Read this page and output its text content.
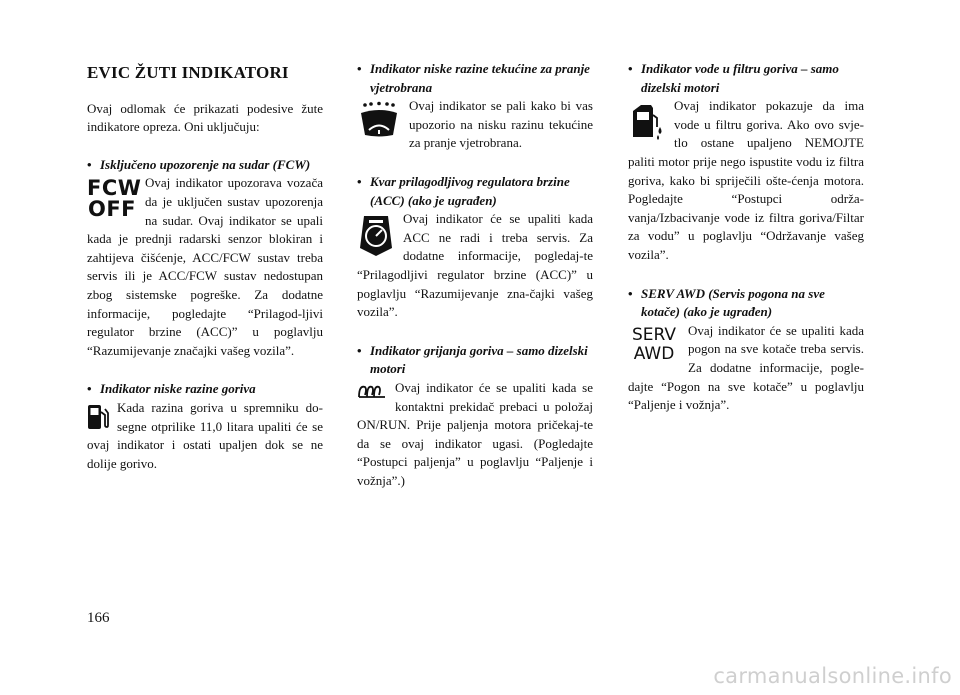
EVIC ŽUTI INDIKATORI
Ovaj odlomak će prikazati podesive žute indikatore opreza. Oni uključuju:
• Isključeno upozorenje na sudar (FCW)
FCW
OFF
Ovaj indikator upozorava vozača da je uključen sustav upozorenja na sudar. Ovaj indikator se upali kada je prednji radarski senzor blokiran i zahtijeva čišćenje, ACC/FCW sustav treba servis ili je ACC/FCW sustav nedostupan zbog sistemske pogreške. Za dodatne informacije, pogledajte “Prilagod-ljivi regulator brzine (ACC)” u poglavlju “Razumijevanje značajki vašeg vozila”.
• Indikator niske razine goriva
Kada razina goriva u spremniku do-segne otprilike 11,0 litara upaliti će se ovaj indikator i ostati upaljen dok se ne dolije gorivo.
• Indikator niske razine tekućine za pranje vjetrobrana
Ovaj indikator se pali kako bi vas upozorio na nisku razinu tekućine za pranje vjetrobrana.
• Kvar prilagodljivog regulatora brzine (ACC) (ako je ugrađen)
Ovaj indikator će se upaliti kada ACC ne radi i treba servis. Za dodatne informacije, pogledaj-te “Prilagodljivi regulator brzine (ACC)” u poglavlju “Razumijevanje zna-čajki vašeg vozila”.
• Indikator grijanja goriva – samo dizelski motori
Ovaj indikator će se upaliti kada se kontaktni prekidač prebaci u položaj ON/RUN. Prije paljenja motora pričekaj-te da se ovaj indikator ugasi. (Pogledajte “Postupci paljenja” u poglavlju “Paljenje i vožnja”.)
• Indikator vode u filtru goriva – samo dizelski motori
Ovaj indikator pokazuje da ima vode u filtru goriva. Ako ovo svje-tlo ostane upaljeno NEMOJTE paliti motor prije nego ispustite vodu iz filtra goriva, kako bi spriječili ošte-ćenja motora. Pogledajte “Postupci održa-vanja/Izbacivanje vode iz filtra goriva/Filtar za vodu” u poglavlju “Održavanje vašeg vozila”.
• SERV AWD (Servis pogona na sve kotače) (ako je ugrađen)
SERV
AWD
Ovaj indikator će se upaliti kada pogon na sve kotače treba servis. Za dodatne informacije, pogle-dajte “Pogon na sve kotače” u poglavlju “Paljenje i vožnja”.
166
carmanualsonline.info
